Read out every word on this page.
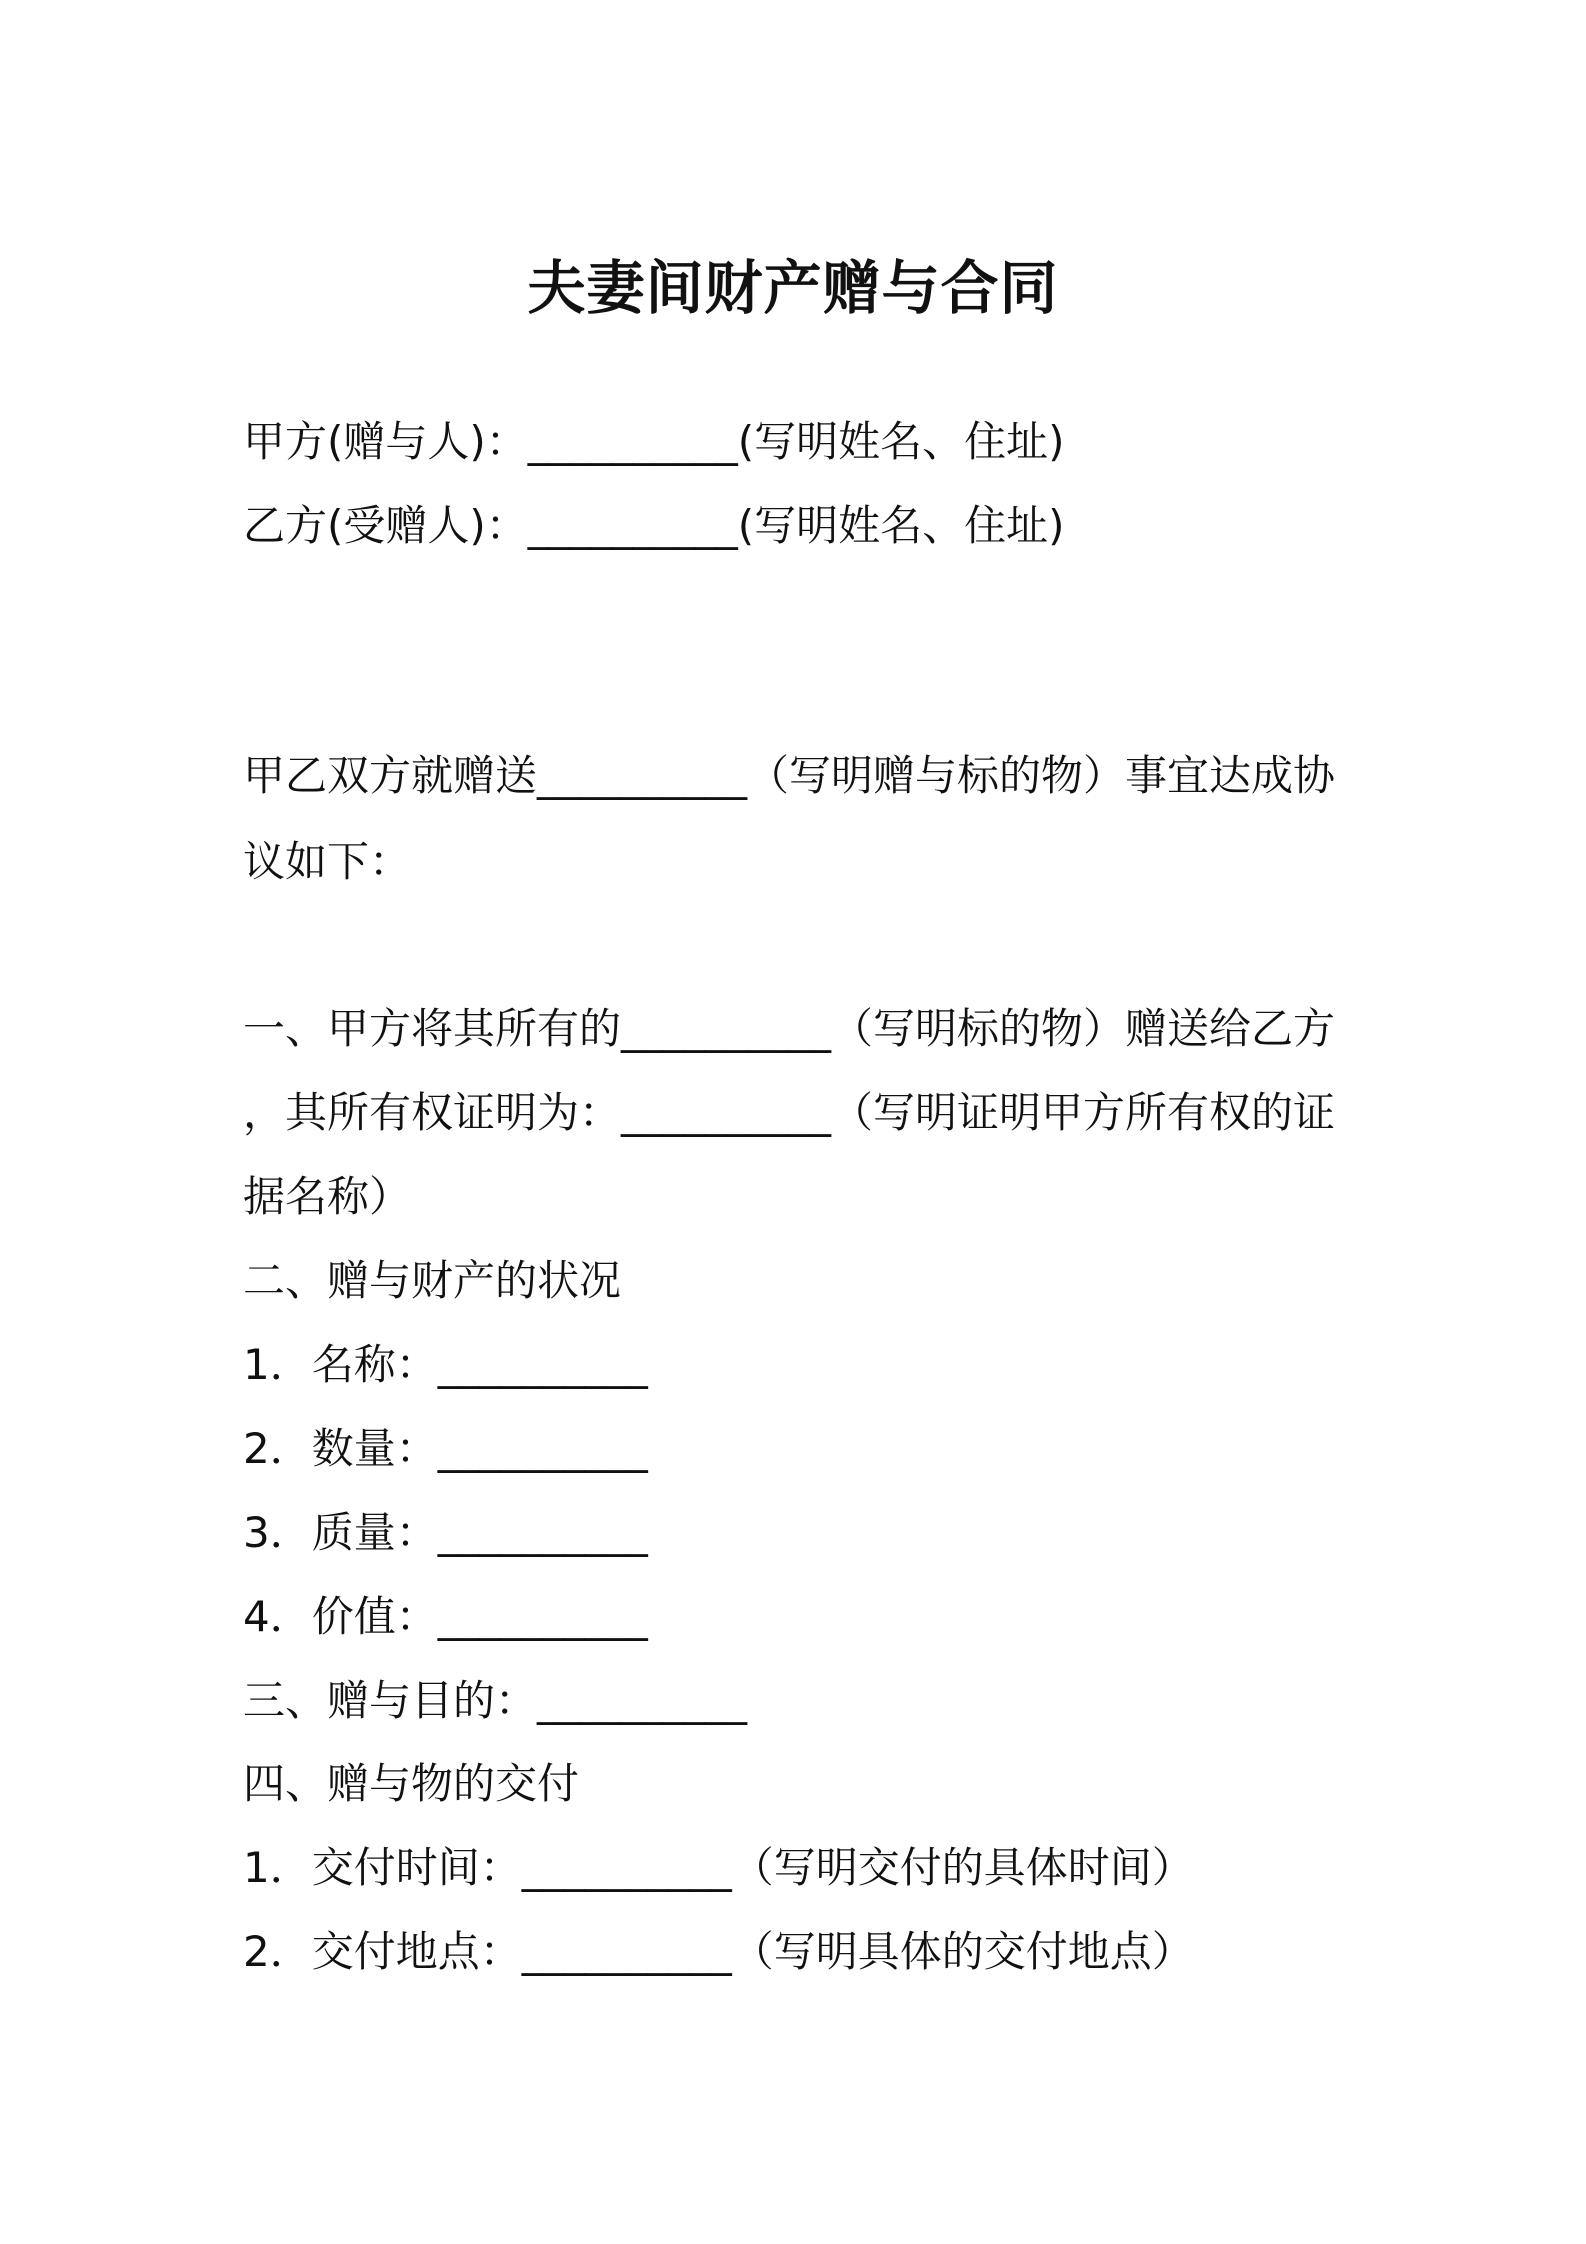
夫妻间财产赠与合同

甲方(赠与人)：__________(写明姓名、住址)

乙方(受赠人)：__________(写明姓名、住址)

甲乙双方就赠送__________（写明赠与标的物）事宜达成协

议如下：

一、甲方将其所有的__________（写明标的物）赠送给乙方

，其所有权证明为：__________（写明证明甲方所有权的证

据名称）

二、赠与财产的状况

1．名称：__________

2．数量：__________

3．质量：__________

4．价值：__________

三、赠与目的：__________

四、赠与物的交付

1．交付时间：__________（写明交付的具体时间）

2．交付地点：__________（写明具体的交付地点）
